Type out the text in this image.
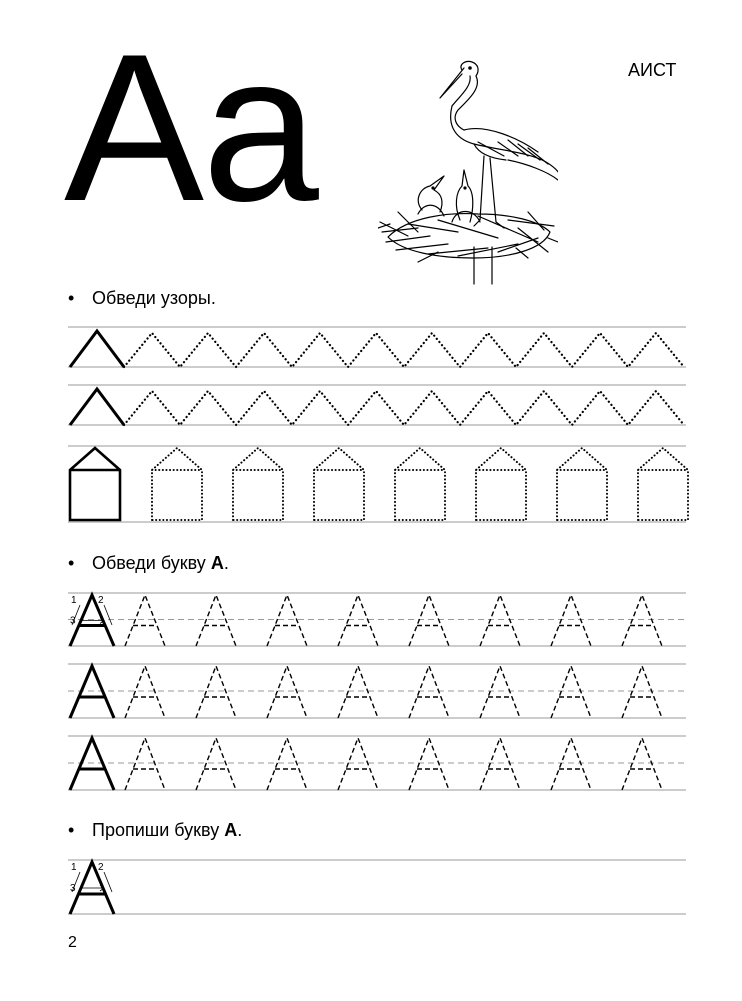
Aa	АИСТ
1 2
3
1 2
3
• Обведи узоры.
• Обведи букву А.
• Пропиши букву А.
2
